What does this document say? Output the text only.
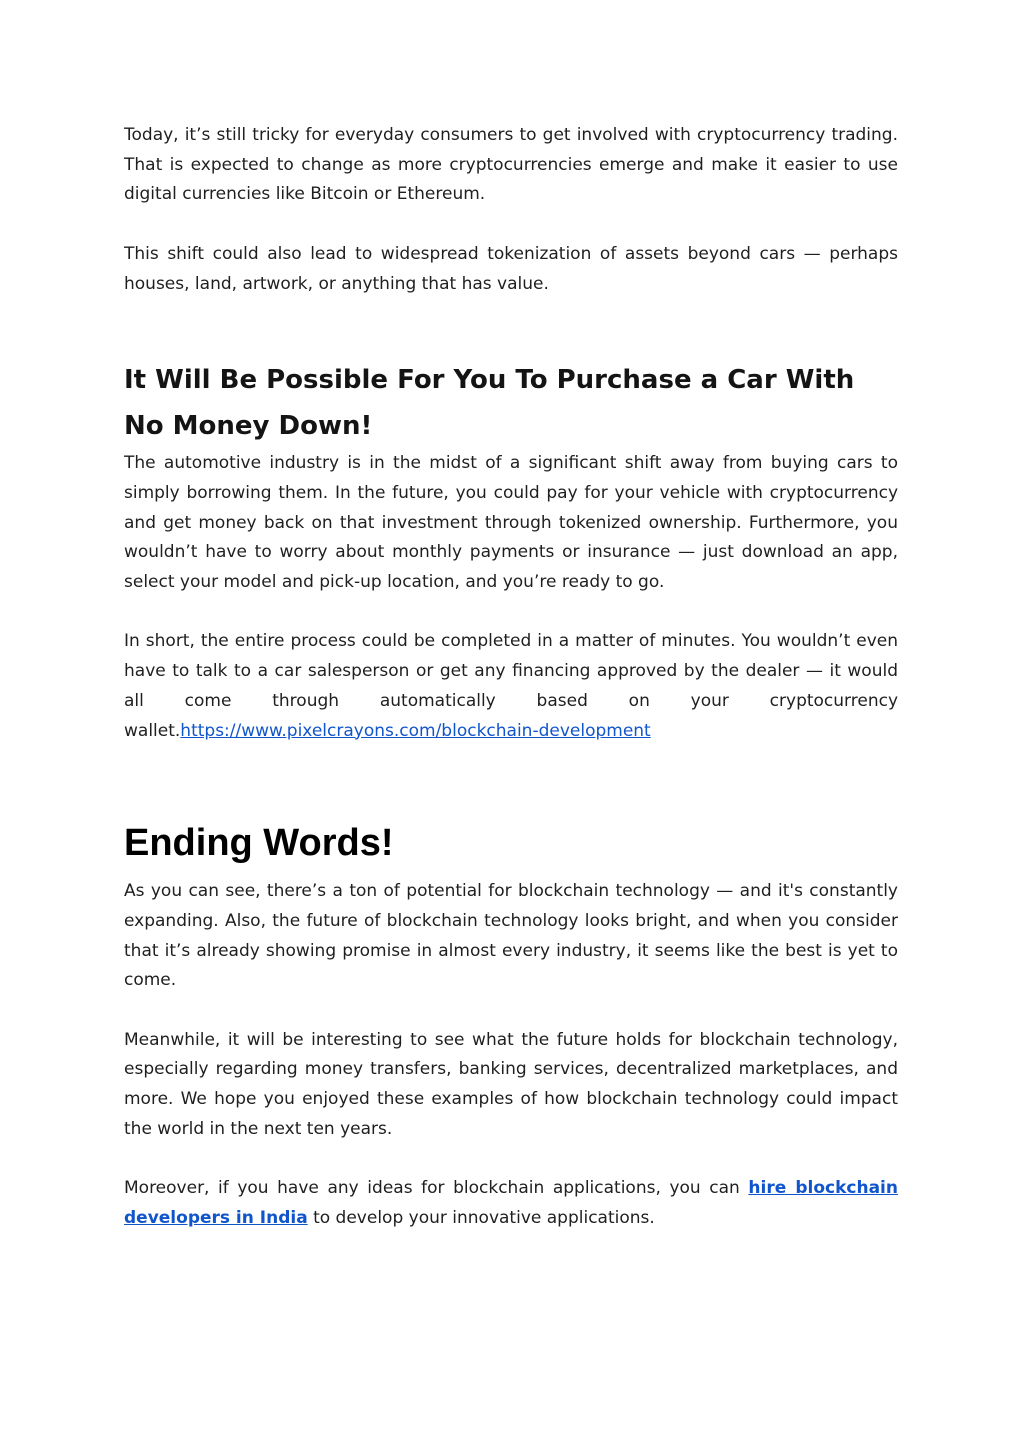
Today, it’s still tricky for everyday consumers to get involved with cryptocurrency trading. That is expected to change as more cryptocurrencies emerge and make it easier to use digital currencies like Bitcoin or Ethereum.

This shift could also lead to widespread tokenization of assets beyond cars — perhaps houses, land, artwork, or anything that has value.

It Will Be Possible For You To Purchase a Car With No Money Down!

The automotive industry is in the midst of a significant shift away from buying cars to simply borrowing them. In the future, you could pay for your vehicle with cryptocurrency and get money back on that investment through tokenized ownership. Furthermore, you wouldn’t have to worry about monthly payments or insurance — just download an app, select your model and pick-up location, and you’re ready to go.

In short, the entire process could be completed in a matter of minutes. You wouldn’t even have to talk to a car salesperson or get any financing approved by the dealer — it would all come through automatically based on your cryptocurrency
wallet.https://www.pixelcrayons.com/blockchain-development

Ending Words!

As you can see, there’s a ton of potential for blockchain technology — and it's constantly expanding. Also, the future of blockchain technology looks bright, and when you consider that it’s already showing promise in almost every industry, it seems like the best is yet to come.

Meanwhile, it will be interesting to see what the future holds for blockchain technology, especially regarding money transfers, banking services, decentralized marketplaces, and more. We hope you enjoyed these examples of how blockchain technology could impact the world in the next ten years.

Moreover, if you have any ideas for blockchain applications, you can hire blockchain developers in India to develop your innovative applications.
